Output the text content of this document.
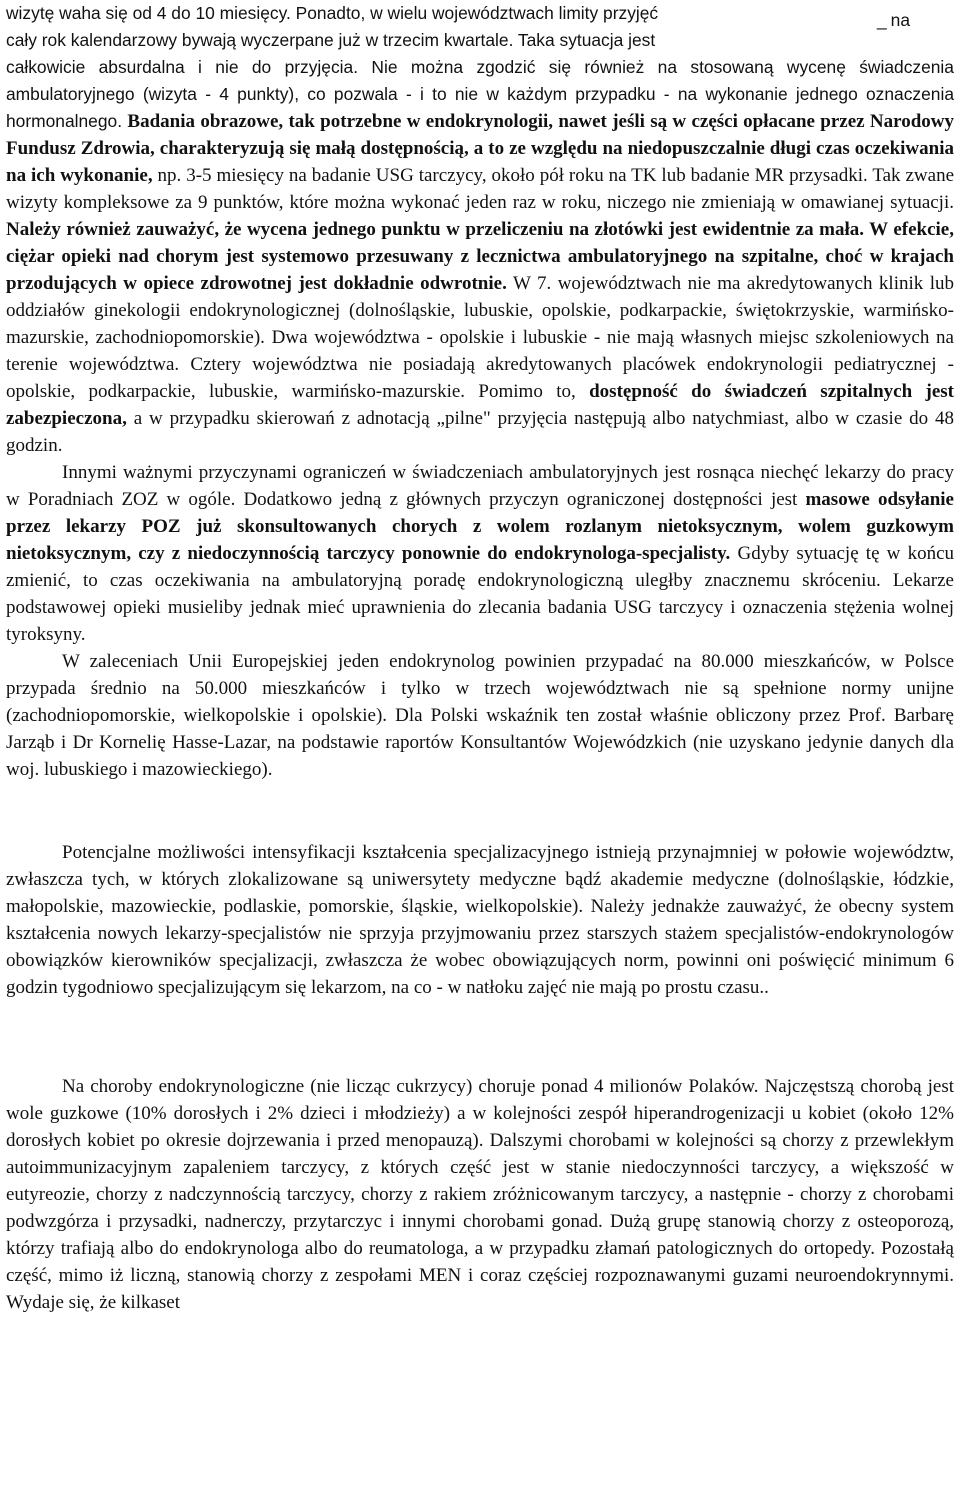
wizytę waha się od 4 do 10 miesięcy. Ponadto, w wielu województwach limity przyjęć
_	na
cały rok kalendarzowy bywają wyczerpane już w trzecim kwartale. Taka sytuacja jest
całkowicie absurdalna i nie do przyjęcia. Nie można zgodzić się również na stosowaną wycenę świadczenia ambulatoryjnego (wizyta - 4 punkty), co pozwala - i to nie w każdym przypadku - na wykonanie jednego oznaczenia hormonalnego. Badania obrazowe, tak potrzebne w endokrynologii, nawet jeśli są w części opłacane przez Narodowy Fundusz Zdrowia, charakteryzują się małą dostępnością, a to ze względu na niedopuszczalnie długi czas oczekiwania na ich wykonanie, np. 3-5 miesięcy na badanie USG tarczycy, około pół roku na TK lub badanie MR przysadki. Tak zwane wizyty kompleksowe za 9 punktów, które można wykonać jeden raz w roku, niczego nie zmieniają w omawianej sytuacji. Należy również zauważyć, że wycena jednego punktu w przeliczeniu na złotówki jest ewidentnie za mała. W efekcie, ciężar opieki nad chorym jest systemowo przesuwany z lecznictwa ambulatoryjnego na szpitalne, choć w krajach przodujących w opiece zdrowotnej jest dokładnie odwrotnie. W 7. województwach nie ma akredytowanych klinik lub oddziałów ginekologii endokrynologicznej (dolnośląskie, lubuskie, opolskie, podkarpackie, świętokrzyskie, warmińsko-mazurskie, zachodniopomorskie). Dwa województwa - opolskie i lubuskie - nie mają własnych miejsc szkoleniowych na terenie województwa. Cztery województwa nie posiadają akredytowanych placówek endokrynologii pediatrycznej - opolskie, podkarpackie, lubuskie, warmińsko-mazurskie. Pomimo to, dostępność do świadczeń szpitalnych jest zabezpieczona, a w przypadku skierowań z adnotacją „pilne" przyjęcia następują albo natychmiast, albo w czasie do 48 godzin.
Innymi ważnymi przyczynami ograniczeń w świadczeniach ambulatoryjnych jest rosnąca niechęć lekarzy do pracy w Poradniach ZOZ w ogóle. Dodatkowo jedną z głównych przyczyn ograniczonej dostępności jest masowe odsyłanie przez lekarzy POZ już skonsultowanych chorych z wolem rozlanym nietoksycznym, wolem guzkowym nietoksycznym, czy z niedoczynnością tarczycy ponownie do endokrynologa-specjalisty. Gdyby sytuację tę w końcu zmienić, to czas oczekiwania na ambulatoryjną poradę endokrynologiczną uległby znacznemu skróceniu. Lekarze podstawowej opieki musieliby jednak mieć uprawnienia do zlecania badania USG tarczycy i oznaczenia stężenia wolnej tyroksyny.
W zaleceniach Unii Europejskiej jeden endokrynolog powinien przypadać na 80.000 mieszkańców, w Polsce przypada średnio na 50.000 mieszkańców i tylko w trzech województwach nie są spełnione normy unijne (zachodniopomorskie, wielkopolskie i opolskie). Dla Polski wskaźnik ten został właśnie obliczony przez Prof. Barbarę Jarząb i Dr Kornelię Hasse-Lazar, na podstawie raportów Konsultantów Wojewódzkich (nie uzyskano jedynie danych dla woj. lubuskiego i mazowieckiego).
Potencjalne możliwości intensyfikacji kształcenia specjalizacyjnego istnieją przynajmniej w połowie województw, zwłaszcza tych, w których zlokalizowane są uniwersytety medyczne bądź akademie medyczne (dolnośląskie, łódzkie, małopolskie, mazowieckie, podlaskie, pomorskie, śląskie, wielkopolskie). Należy jednakże zauważyć, że obecny system kształcenia nowych lekarzy-specjalistów nie sprzyja przyjmowaniu przez starszych stażem specjalistów-endokrynologów obowiązków kierowników specjalizacji, zwłaszcza że wobec obowiązujących norm, powinni oni poświęcić minimum 6 godzin tygodniowo specjalizującym się lekarzom, na co - w natłoku zajęć nie mają po prostu czasu..
Na choroby endokrynologiczne (nie licząc cukrzycy) choruje ponad 4 milionów Polaków. Najczęstszą chorobą jest wole guzkowe (10% dorosłych i 2% dzieci i młodzieży) a w kolejności zespół hiperandrogenizacji u kobiet (około 12% dorosłych kobiet po okresie dojrzewania i przed menopauzą). Dalszymi chorobami w kolejności są chorzy z przewlekłym autoimmunizacyjnym zapaleniem tarczycy, z których część jest w stanie niedoczynności tarczycy, a większość w eutyreozie, chorzy z nadczynnością tarczycy, chorzy z rakiem zróżnicowanym tarczycy, a następnie - chorzy z chorobami podwzgórza i przysadki, nadnerczy, przytarczyc i innymi chorobami gonad. Dużą grupę stanowią chorzy z osteoporozą, którzy trafiają albo do endokrynologa albo do reumatologa, a w przypadku złamań patologicznych do ortopedy. Pozostałą część, mimo iż liczną, stanowią chorzy z zespołami MEN i coraz częściej rozpoznawanymi guzami neuroendokrynnymi. Wydaje się, że kilkaset
